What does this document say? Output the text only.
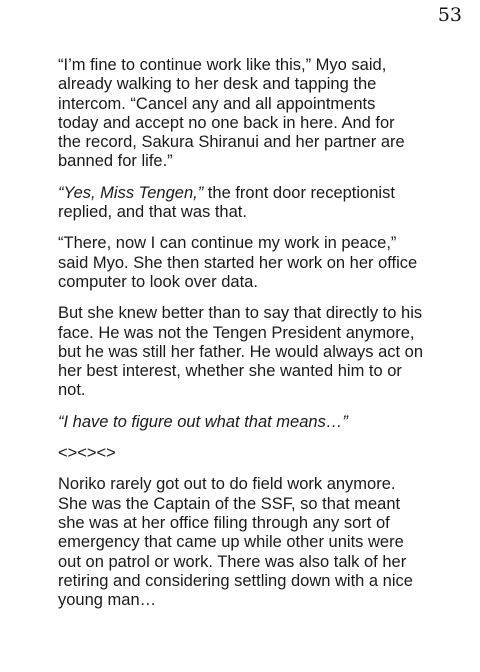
53

“I’m fine to continue work like this,” Myo said,
already walking to her desk and tapping the
intercom. “Cancel any and all appointments
today and accept no one back in here. And for
the record, Sakura Shiranui and her partner are
banned for life.”

“Yes, Miss Tengen,” the front door receptionist
replied, and that was that.

“There, now I can continue my work in peace,”
said Myo. She then started her work on her office
computer to look over data.

But she knew better than to say that directly to his
face. He was not the Tengen President anymore,
but he was still her father. He would always act on
her best interest, whether she wanted him to or
not.

“I have to figure out what that means…”

<><><>

Noriko rarely got out to do field work anymore.
She was the Captain of the SSF, so that meant
she was at her office filing through any sort of
emergency that came up while other units were
out on patrol or work. There was also talk of her
retiring and considering settling down with a nice
young man…
